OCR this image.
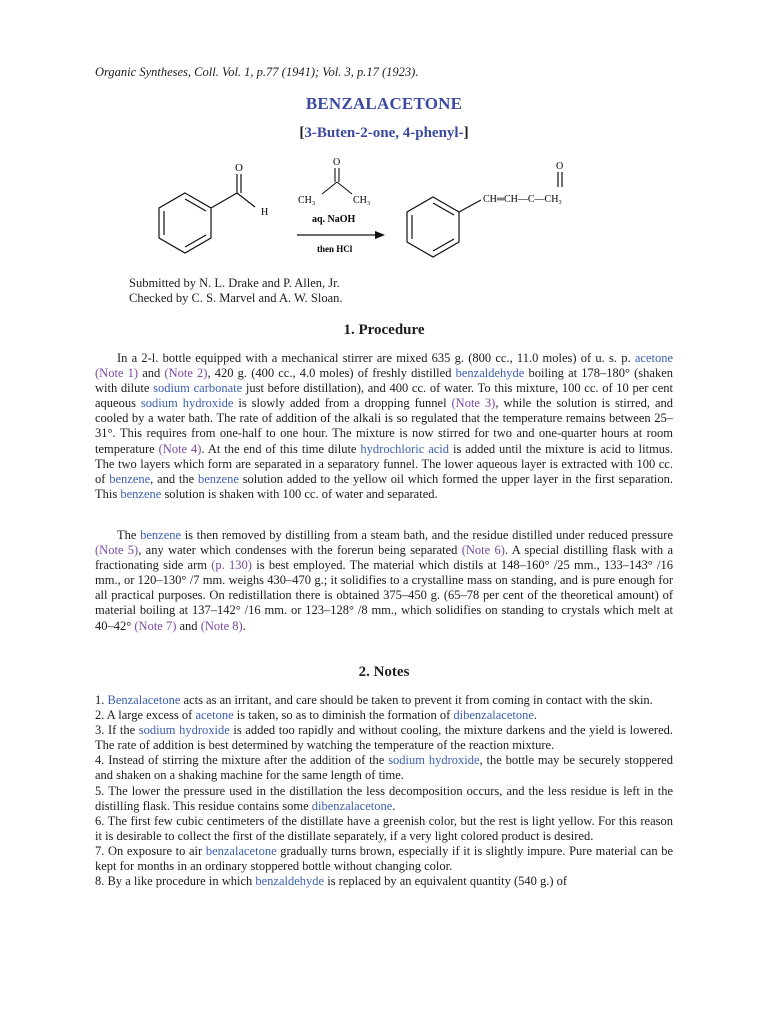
Organic Syntheses, Coll. Vol. 1, p.77 (1941); Vol. 3, p.17 (1923).
BENZALACETONE
[3-Buten-2-one, 4-phenyl-]
O
H
O
CH₃	CH₃
aq. NaOH
then HCl
O
CH═CH—C—CH₃
Submitted by N. L. Drake and P. Allen, Jr.
Checked by C. S. Marvel and A. W. Sloan.
1. Procedure
In a 2-l. bottle equipped with a mechanical stirrer are mixed 635 g. (800 cc., 11.0 moles) of u. s. p. acetone (Note 1) and (Note 2), 420 g. (400 cc., 4.0 moles) of freshly distilled benzaldehyde boiling at 178–180° (shaken with dilute sodium carbonate just before distillation), and 400 cc. of water. To this mixture, 100 cc. of 10 per cent aqueous sodium hydroxide is slowly added from a dropping funnel (Note 3), while the solution is stirred, and cooled by a water bath. The rate of addition of the alkali is so regulated that the temperature remains between 25–31°. This requires from one-half to one hour. The mixture is now stirred for two and one-quarter hours at room temperature (Note 4). At the end of this time dilute hydrochloric acid is added until the mixture is acid to litmus. The two layers which form are separated in a separatory funnel. The lower aqueous layer is extracted with 100 cc. of benzene, and the benzene solution added to the yellow oil which formed the upper layer in the first separation. This benzene solution is shaken with 100 cc. of water and separated.
The benzene is then removed by distilling from a steam bath, and the residue distilled under reduced pressure (Note 5), any water which condenses with the forerun being separated (Note 6). A special distilling flask with a fractionating side arm (p. 130) is best employed. The material which distils at 148–160° /25 mm., 133–143° /16 mm., or 120–130° /7 mm. weighs 430–470 g.; it solidifies to a crystalline mass on standing, and is pure enough for all practical purposes. On redistillation there is obtained 375–450 g. (65–78 per cent of the theoretical amount) of material boiling at 137–142° /16 mm. or 123–128° /8 mm., which solidifies on standing to crystals which melt at 40–42° (Note 7) and (Note 8).
2. Notes
1. Benzalacetone acts as an irritant, and care should be taken to prevent it from coming in contact with the skin.
2. A large excess of acetone is taken, so as to diminish the formation of dibenzalacetone.
3. If the sodium hydroxide is added too rapidly and without cooling, the mixture darkens and the yield is lowered. The rate of addition is best determined by watching the temperature of the reaction mixture.
4. Instead of stirring the mixture after the addition of the sodium hydroxide, the bottle may be securely stoppered and shaken on a shaking machine for the same length of time.
5. The lower the pressure used in the distillation the less decomposition occurs, and the less residue is left in the distilling flask. This residue contains some dibenzalacetone.
6. The first few cubic centimeters of the distillate have a greenish color, but the rest is light yellow. For this reason it is desirable to collect the first of the distillate separately, if a very light colored product is desired.
7. On exposure to air benzalacetone gradually turns brown, especially if it is slightly impure. Pure material can be kept for months in an ordinary stoppered bottle without changing color.
8. By a like procedure in which benzaldehyde is replaced by an equivalent quantity (540 g.) of
